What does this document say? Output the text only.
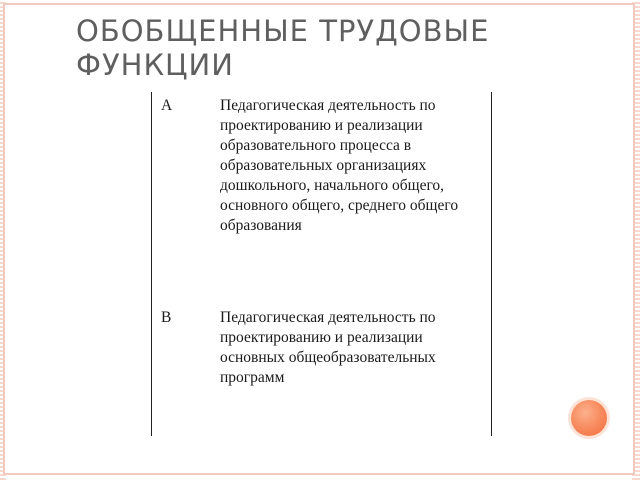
ОБОБЩЕННЫЕ ТРУДОВЫЕ ФУНКЦИИ
A	Педагогическая деятельность по проектированию и реализации образовательного процесса в образовательных организациях дошкольного, начального общего, основного общего, среднего общего образования
B	Педагогическая деятельность по проектированию и реализации основных общеобразовательных программ
